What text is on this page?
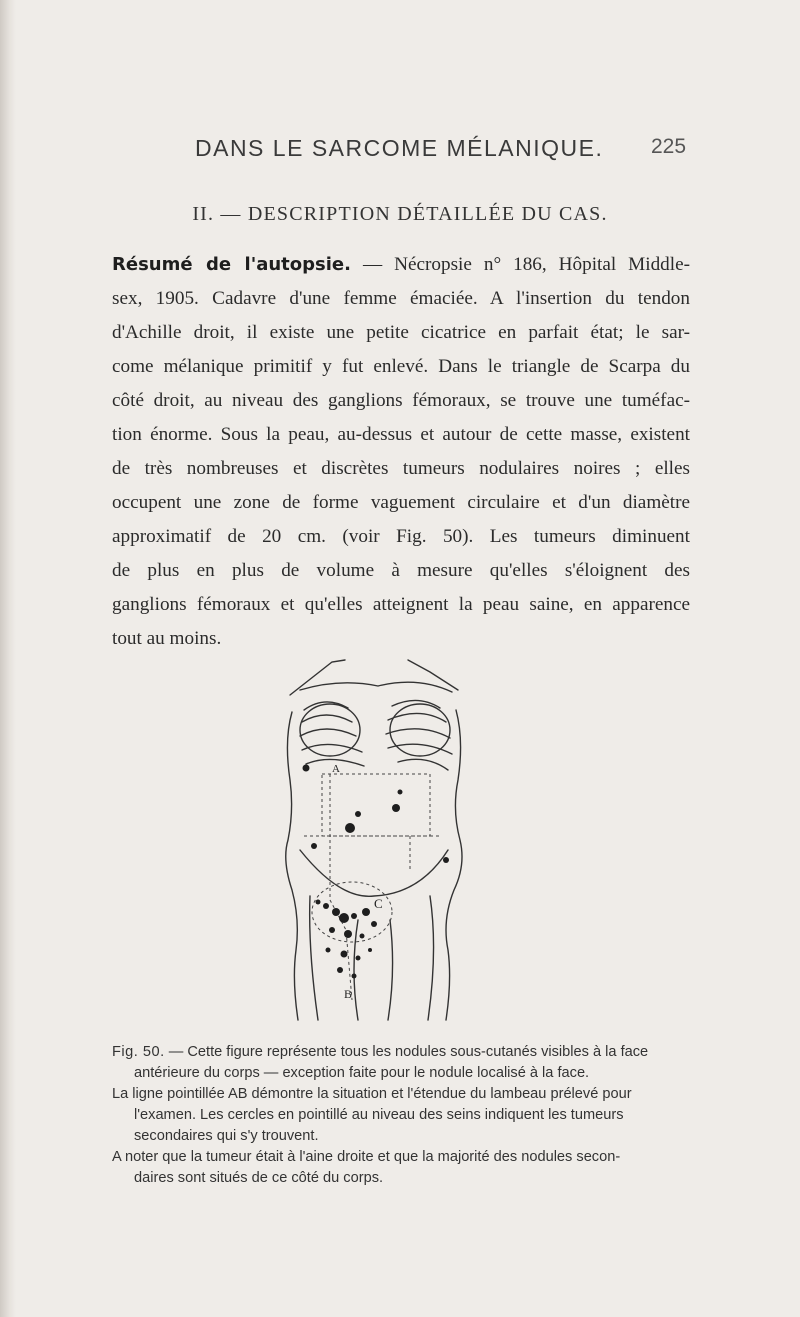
DANS LE SARCOME MÉLANIQUE. 225
II. — DESCRIPTION DÉTAILLÉE DU CAS.
Résumé de l'autopsie. — Nécropsie n° 186, Hôpital Middle-
sex, 1905. Cadavre d'une femme émaciée. A l'insertion du tendon
d'Achille droit, il existe une petite cicatrice en parfait état; le sar-
come mélanique primitif y fut enlevé. Dans le triangle de Scarpa du
côté droit, au niveau des ganglions fémoraux, se trouve une tuméfac-
tion énorme. Sous la peau, au-dessus et autour de cette masse, existent
de très nombreuses et discrètes tumeurs nodulaires noires ; elles
occupent une zone de forme vaguement circulaire et d'un diamètre
approximatif de 20 cm. (voir Fig. 50). Les tumeurs diminuent
de plus en plus de volume à mesure qu'elles s'éloignent des
ganglions fémoraux et qu'elles atteignent la peau saine, en apparence
tout au moins.
C
B
A

Fig. 50. — Cette figure représente tous les nodules sous-cutanés visibles à la face

antérieure du corps — exception faite pour le nodule localisé à la face.

La ligne pointillée AB démontre la situation et l'étendue du lambeau prélevé pour

l'examen. Les cercles en pointillé au niveau des seins indiquent les tumeurs

secondaires qui s'y trouvent.

A noter que la tumeur était à l'aine droite et que la majorité des nodules secon-

daires sont situés de ce côté du corps.
